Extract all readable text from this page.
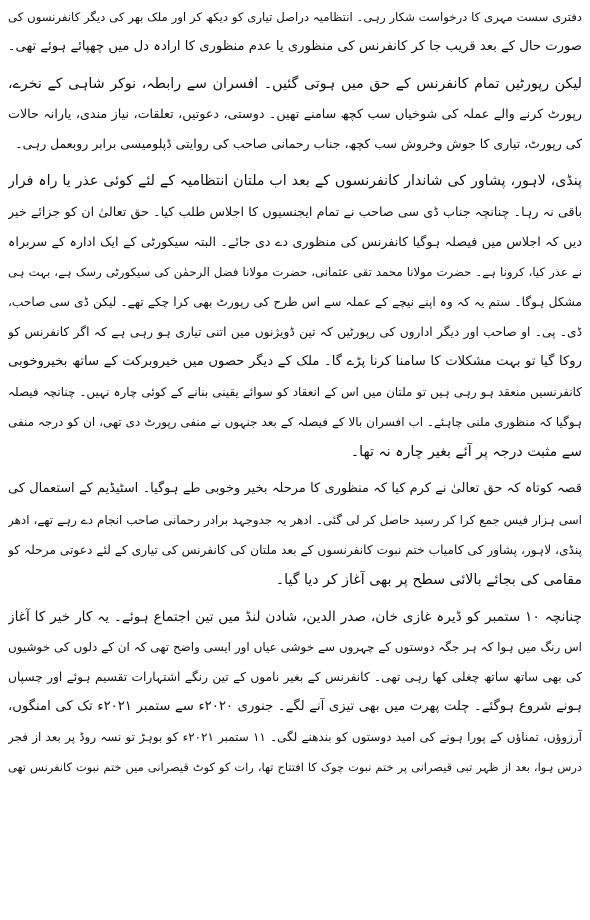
دفتری سست مہری کا درخواست شکار رہی۔ انتظامیہ دراصل تیاری کو دیکھ کر اور ملک بھر کی دیگر کانفرنسوں کی
صورت حال کے بعد قریب جا کر کانفرنس کی منظوری یا عدم منظوری کا ارادہ دل میں چھپائے ہوئے تھی۔
لیکن رپورٹیں تمام کانفرنس کے حق میں ہوتی گئیں۔ افسران سے رابطہ، نوکر شاہی کے نخرے،
رپورٹ کرنے والے عملہ کی شوخیاں سب کچھ سامنے تھیں۔ دوستی، دعوتیں، تعلقات، نیاز مندی، یارانہ حالات
کی رپورٹ، تیاری کا جوش وخروش سب کچھ، جناب رحمانی صاحب کی روایتی ڈپلومیسی برابر روبعمل رہی۔
پنڈی، لاہور، پشاور کی شاندار کانفرنسوں کے بعد اب ملتان انتظامیہ کے لئے کوئی عذر یا راہ فرار
باقی نہ رہا۔ چنانچہ جناب ڈی سی صاحب نے تمام ایجنسیوں کا اجلاس طلب کیا۔ حق تعالیٰ ان کو جزائے خیر
دیں کہ اجلاس میں فیصلہ ہوگیا کانفرنس کی منظوری دے دی جائے۔ البتہ سیکورٹی کے ایک ادارہ کے سربراہ
نے عذر کیا، کرونا ہے۔ حضرت مولانا محمد تقی عثمانی، حضرت مولانا فضل الرحمٰن کی سیکورٹی رسک ہے، بہت ہی
مشکل ہوگا۔ ستم یہ کہ وہ اپنے نیچے کے عملہ سے اس طرح کی رپورٹ بھی کرا چکے تھے۔ لیکن ڈی سی صاحب،
ڈی۔ پی۔ او صاحب اور دیگر اداروں کی رپورٹیں کہ تین ڈویژنوں میں اتنی تیاری ہو رہی ہے کہ اگر کانفرنس کو
روکا گیا تو بہت مشکلات کا سامنا کرنا پڑے گا۔ ملک کے دیگر حصوں میں خیروبرکت کے ساتھ بخیروخوبی
کانفرنسیں منعقد ہو رہی ہیں تو ملتان میں اس کے انعقاد کو سوائے یقینی بنانے کے کوئی چارہ نہیں۔ چنانچہ فیصلہ
ہوگیا کہ منظوری ملنی چاہئے۔ اب افسران بالا کے فیصلہ کے بعد جنہوں نے منفی رپورٹ دی تھی، ان کو درجہ منفی
سے مثبت درجہ پر آئے بغیر چارہ نہ تھا۔
قصہ کوتاہ کہ حق تعالیٰ نے کرم کیا کہ منظوری کا مرحلہ بخیر وخوبی طے ہوگیا۔ اسٹیڈیم کے استعمال کی
اسی ہزار فیس جمع کرا کر رسید حاصل کر لی گئی۔ ادھر یہ جدوجہد برادر رحمانی صاحب انجام دے رہے تھے، ادھر
پنڈی، لاہور، پشاور کی کامیاب ختم نبوت کانفرنسوں کے بعد ملتان کی کانفرنس کی تیاری کے لئے دعوتی مرحلہ کو
مقامی کی بجائے بالائی سطح پر بھی آغاز کر دیا گیا۔
چنانچہ ۱۰ ستمبر کو ڈیرہ غازی خان، صدر الدین، شادن لنڈ میں تین اجتماع ہوئے۔ یہ کار خیر کا آغاز
اس رنگ میں ہوا کہ ہر جگہ دوستوں کے چہروں سے خوشی عیاں اور ایسی واضح تھی کہ ان کے دلوں کی خوشیوں
کی بھی ساتھ ساتھ چغلی کھا رہی تھی۔ کانفرنس کے بغیر ناموں کے تین رنگے اشتہارات تقسیم ہوئے اور چسپاں
ہونے شروع ہوگئے۔ چلت پھرت میں بھی تیزی آنے لگے۔ جنوری ۲۰۲۰ء سے ستمبر ۲۰۲۱ء تک کی امنگوں،
آرزوؤں، تمناؤں کے پورا ہونے کی امید دوستوں کو بندھنے لگی۔ ۱۱ ستمبر ۲۰۲۱ء کو بوہڑ تو نسہ روڈ پر بعد از فجر
درس ہوا، بعد از ظہر تبی قیصرانی پر ختم نبوت چوک کا افتتاح تھا، رات کو کوٹ قیصرانی میں ختم نبوت کانفرنس تھی
